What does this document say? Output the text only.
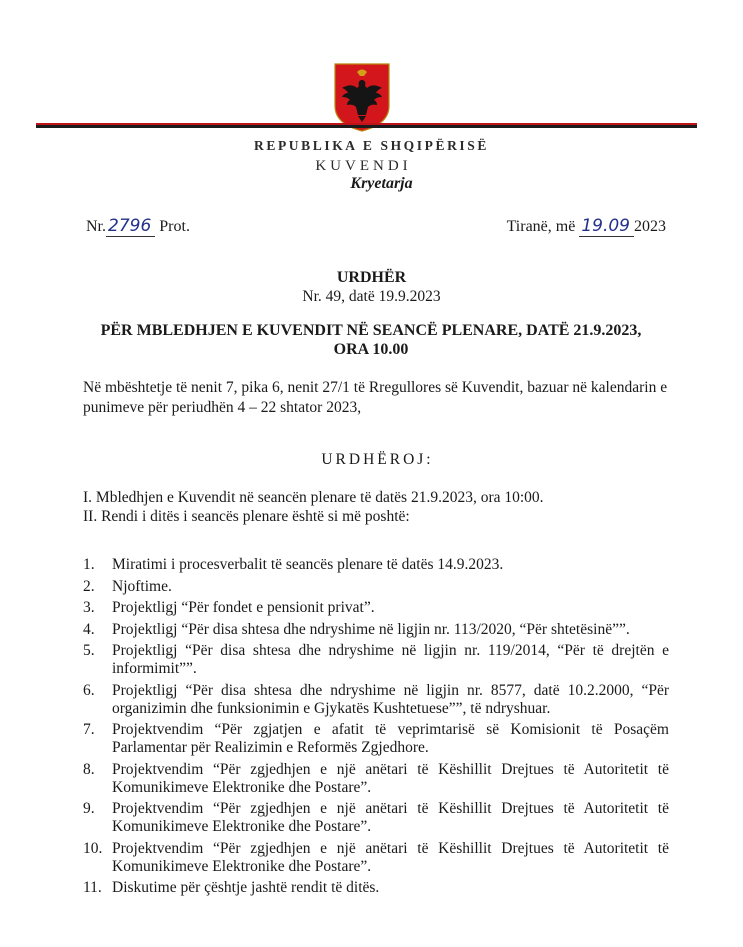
REPUBLIKA E SHQIPËRISË
KUVENDI
Kryetarja
Nr. 2796 Prot.	Tiranë, më 19.09 2023
URDHËR
Nr. 49, datë 19.9.2023
PËR MBLEDHJEN E KUVENDIT NË SEANCË PLENARE, DATË 21.9.2023, ORA 10.00
Në mbështetje të nenit 7, pika 6, nenit 27/1 të Rregullores së Kuvendit, bazuar në kalendarin e punimeve për periudhën 4 – 22 shtator 2023,
URDHËROJ:
I. Mbledhjen e Kuvendit në seancën plenare të datës 21.9.2023, ora 10:00.
II. Rendi i ditës i seancës plenare është si më poshtë:
1. Miratimi i procesverbalit të seancës plenare të datës 14.9.2023.
2. Njoftime.
3. Projektligj “Për fondet e pensionit privat”.
4. Projektligj “Për disa shtesa dhe ndryshime në ligjin nr. 113/2020, “Për shtetësinë””.
5. Projektligj “Për disa shtesa dhe ndryshime në ligjin nr. 119/2014, “Për të drejtën e informimit””.
6. Projektligj “Për disa shtesa dhe ndryshime në ligjin nr. 8577, datë 10.2.2000, “Për organizimin dhe funksionimin e Gjykatës Kushtetuese””, të ndryshuar.
7. Projektvendim “Për zgjatjen e afatit të veprimtarisë së Komisionit të Posaçëm Parlamentar për Realizimin e Reformës Zgjedhore.
8. Projektvendim “Për zgjedhjen e një anëtari të Këshillit Drejtues të Autoritetit të Komunikimeve Elektronike dhe Postare”.
9. Projektvendim “Për zgjedhjen e një anëtari të Këshillit Drejtues të Autoritetit të Komunikimeve Elektronike dhe Postare”.
10. Projektvendim “Për zgjedhjen e një anëtari të Këshillit Drejtues të Autoritetit të Komunikimeve Elektronike dhe Postare”.
11. Diskutime për çështje jashtë rendit të ditës.
